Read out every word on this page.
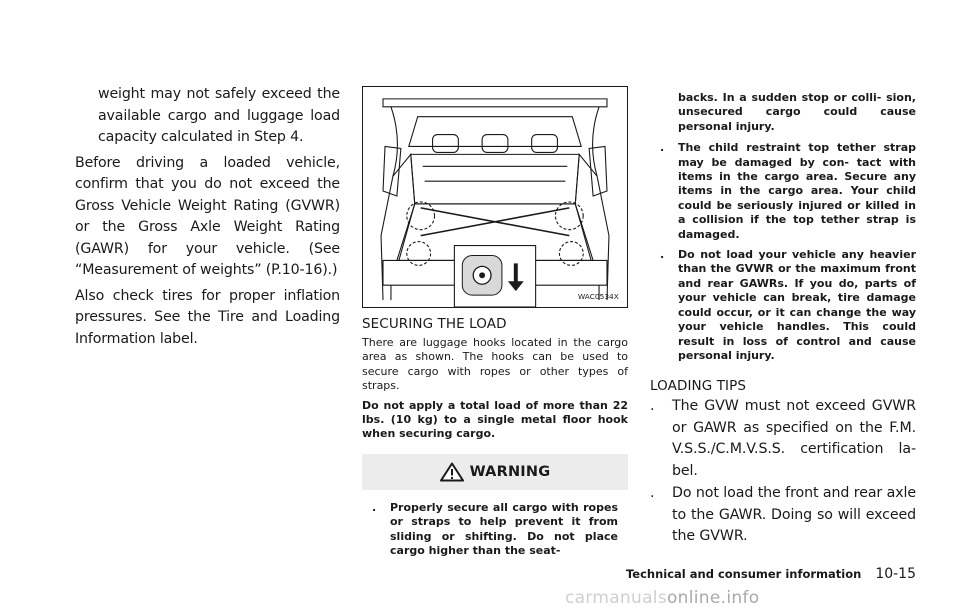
weight may not safely exceed the available cargo and luggage load capacity calculated in Step 4.

Before driving a loaded vehicle, confirm that you do not exceed the Gross Vehicle Weight Rating (GVWR) or the Gross Axle Weight Rating (GAWR) for your vehicle. (See “Measurement of weights” (P.10-16).)

Also check tires for proper inflation pressures. See the Tire and Loading Information label.

WAC0534X
SECURING THE LOAD

There are luggage hooks located in the cargo area as shown. The hooks can be used to secure cargo with ropes or other types of straps.

Do not apply a total load of more than 22 lbs. (10 kg) to a single metal floor hook when securing cargo.

WARNING
. Properly secure all cargo with ropes or straps to help prevent it from sliding or shifting. Do not place cargo higher than the seat-

backs. In a sudden stop or colli- sion, unsecured cargo could cause personal injury.

. The child restraint top tether strap may be damaged by con- tact with items in the cargo area. Secure any items in the cargo area. Your child could be seriously injured or killed in a collision if the top tether strap is damaged.
. Do not load your vehicle any heavier than the GVWR or the maximum front and rear GAWRs. If you do, parts of your vehicle can break, tire damage could occur, or it can change the way your vehicle handles. This could result in loss of control and cause personal injury.
LOADING TIPS
. The GVW must not exceed GVWR or GAWR as specified on the F.M. V.S.S./C.M.V.S.S. certification la- bel.
. Do not load the front and rear axle to the GAWR. Doing so will exceed the GVWR.
Technical and consumer information 10-15
carmanualsonline.info
